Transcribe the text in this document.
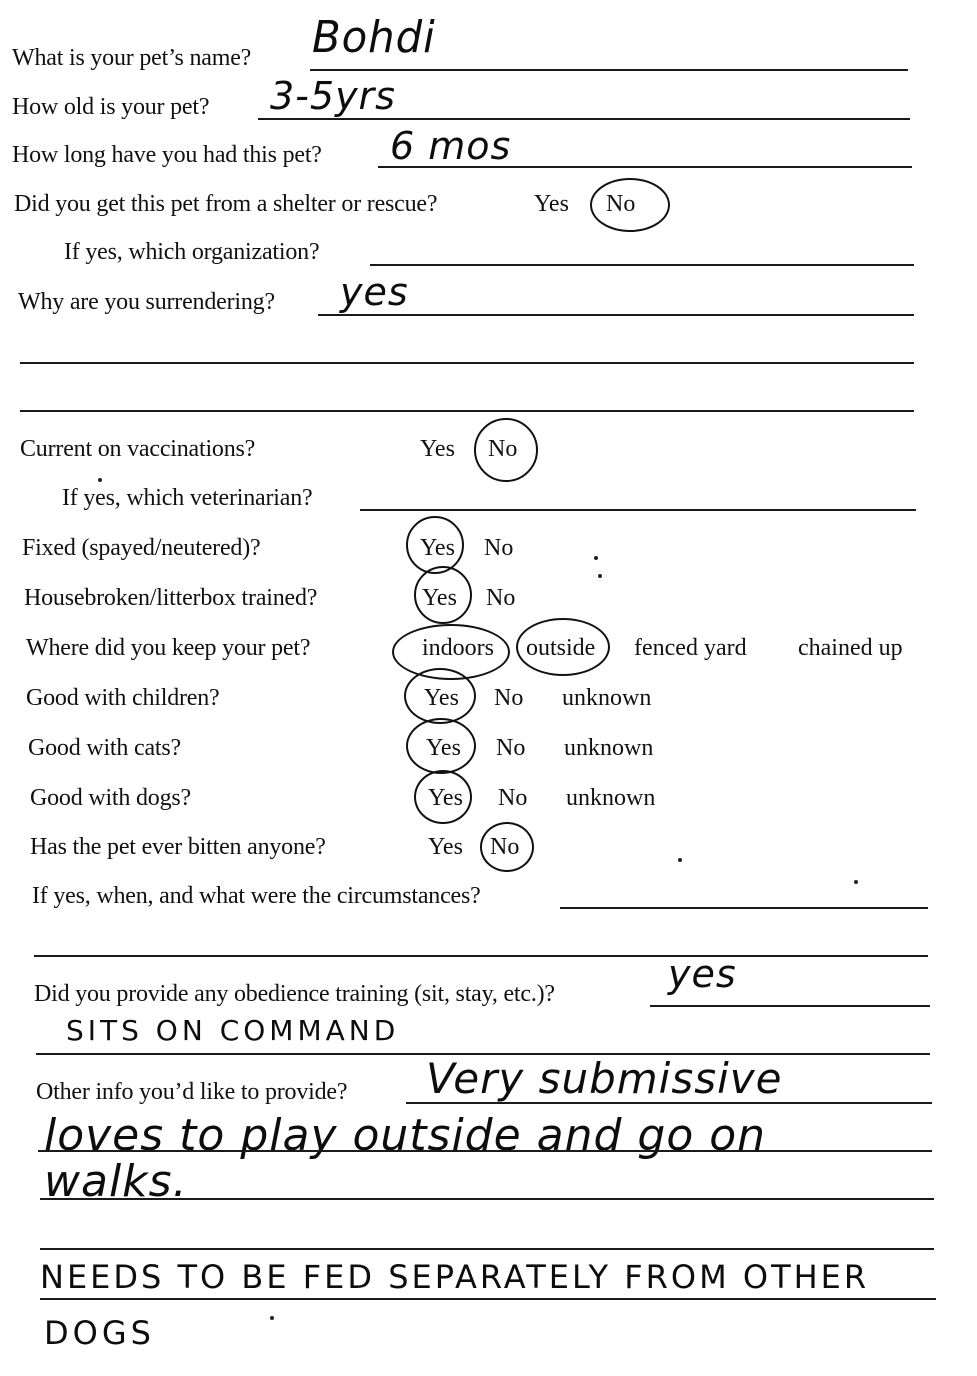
What is your pet’s name? Bohdi
How old is your pet? 3-5yrs
How long have you had this pet? 6 mos
Did you get this pet from a shelter or rescue?	Yes No
If yes, which organization?
Why are you surrendering? yes
Current on vaccinations?	Yes No
If yes, which veterinarian?
Fixed (spayed/neutered)?	Yes No
Housebroken/litterbox trained?	Yes No
Where did you keep your pet?	indoors outside fenced yard chained up
Good with children?	Yes No unknown
Good with cats?	Yes No unknown
Good with dogs?	Yes No unknown
Has the pet ever bitten anyone?	Yes No
If yes, when, and what were the circumstances?
Did you provide any obedience training (sit, stay, etc.)?	yes
SITS ON COMMAND
Other info you’d like to provide? Very submissive
loves to play outside and go on
walks.
NEEDS TO BE FED SEPARATELY FROM OTHER
DOGS
